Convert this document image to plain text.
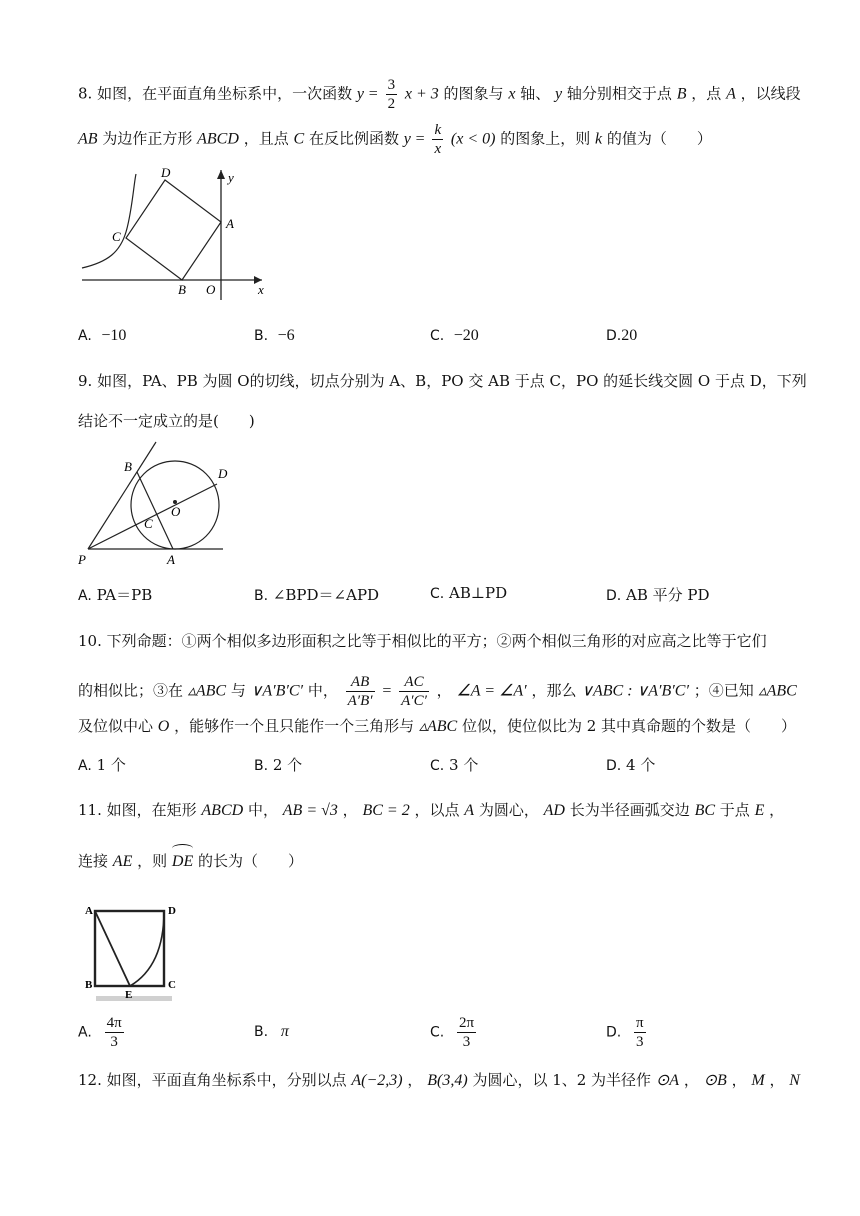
8. 如图，在平面直角坐标系中，一次函数 $y = \frac{3}{2}$ x + 3 的图象与 x 轴、 y 轴分别相交于点 B ，点 A ，以线段
AB 为边作正方形 ABCD ，且点 C 在反比例函数 $y = \frac{k}{x} (x < 0)$ 的图象上，则 k 的值为（　　）
D	y
A
C
B O	x
A. −10	B. −6	C. −20	D.20
9. 如图，PA、PB 为圆 O的切线，切点分别为 A、B，PO 交 AB 于点 C，PO 的延长线交圆 O 于点 D，下列
结论不一定成立的是(　　)
B	D
O
C
P	A
A. PA＝PB	B. ∠BPD＝∠APD	C. AB⊥PD	D. AB 平分 PD
10. 下列命题：①两个相似多边形面积之比等于相似比的平方；②两个相似三角形的对应高之比等于它们
的相似比；③在 ▵ABC 与 ∨A′B′C′ 中， $\frac{AB}{A'B'} = \frac{AC}{A'C'}$ ， ∠A = ∠A′ ，那么 ∨ABC : ∨A′B′C′ ；④已知 ▵ABC
及位似中心 O ，能够作一个且只能作一个三角形与 ▵ABC 位似，使位似比为 2 其中真命题的个数是（　　）
A. 1 个	B. 2 个	C. 3 个	D. 4 个
11. 如图，在矩形 ABCD 中， AB = √3 ， BC = 2 ，以点 A 为圆心， AD 长为半径画弧交边 BC 于点 E ，
连接 AE ，则 DE 的长为（　　）
A	D
B
E
C
A. $\frac{4\pi}{3}$	B. π	C. $\frac{2\pi}{3}$	D. $\frac{\pi}{3}$
12. 如图，平面直角坐标系中，分别以点 A(−2,3) ， B(3,4) 为圆心，以 1、2 为半径作 ⊙A ， ⊙B ， M ， N
